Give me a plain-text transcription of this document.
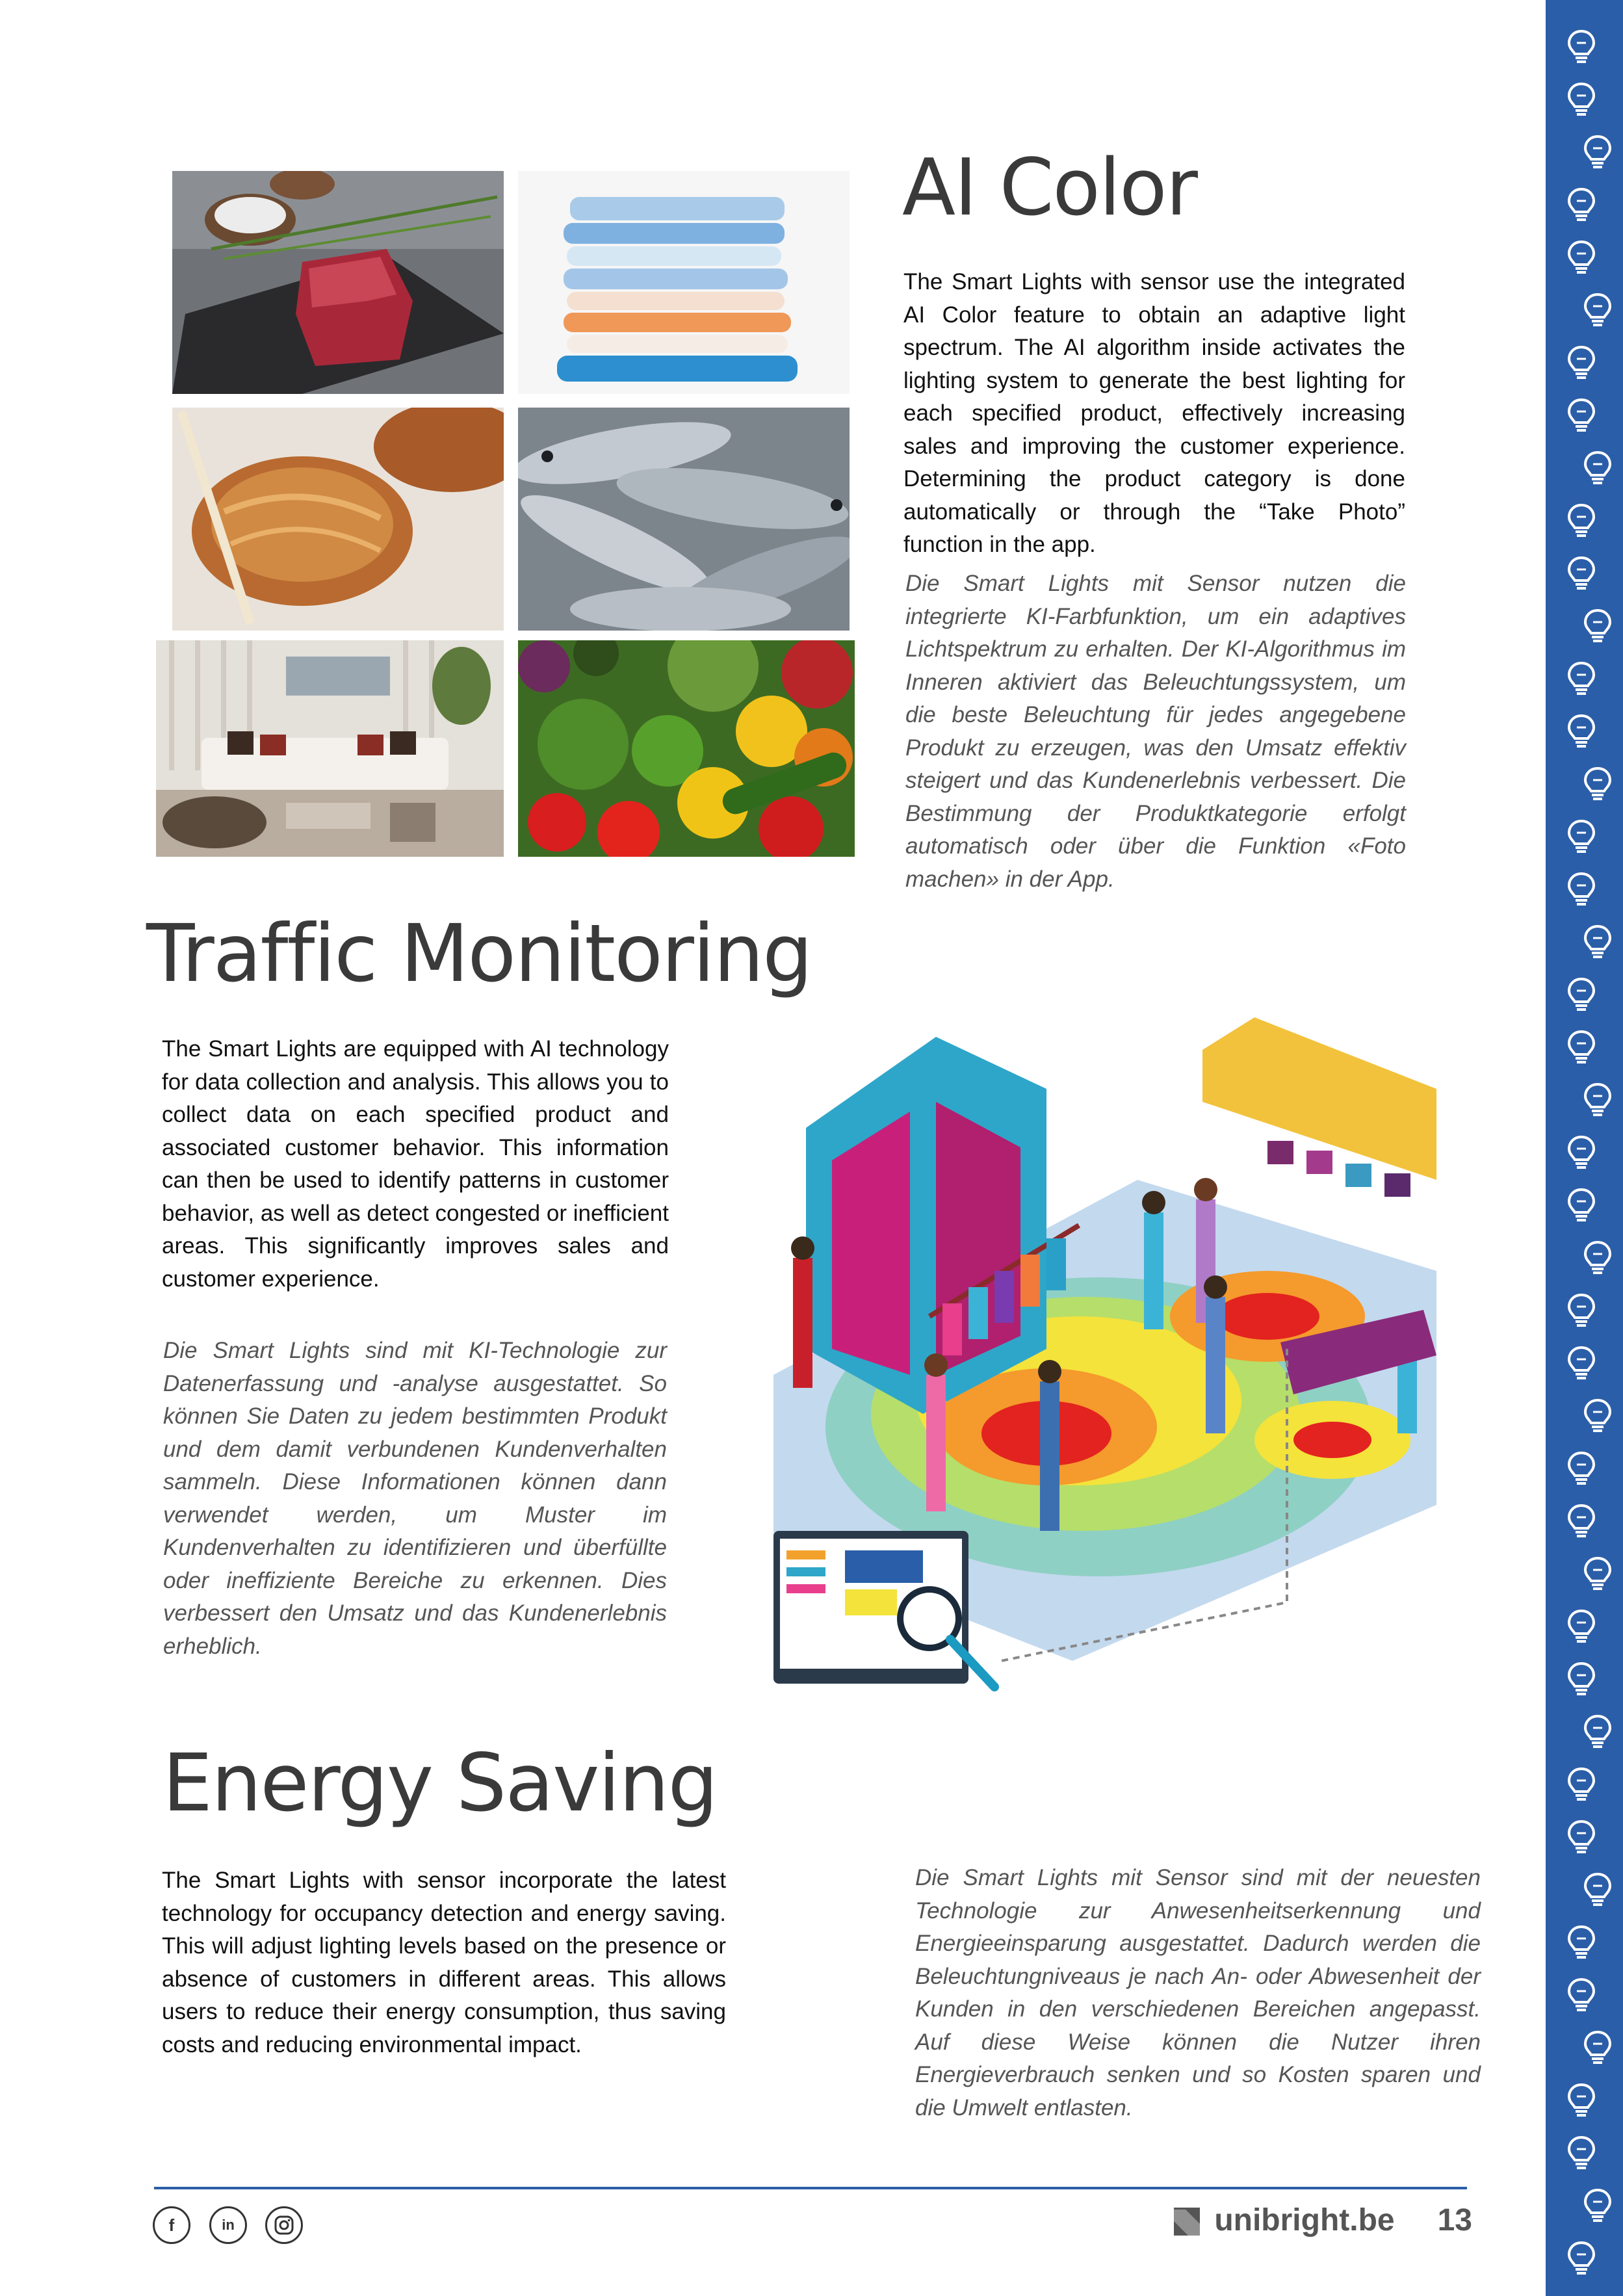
AI Color

The Smart Lights with sensor use the integrated AI Color feature to obtain an adaptive light spectrum. The AI algorithm inside activates the lighting system to generate the best lighting for each specified product, effectively increasing sales and improving the customer experience. Determining the product category is done automatically or through the “Take Photo” function in the app.

Die Smart Lights mit Sensor nutzen die integrierte KI-Farbfunktion, um ein adaptives Lichtspektrum zu erhalten. Der KI-Algorithmus im Inneren aktiviert das Beleuchtungssystem, um die beste Beleuchtung für jedes angegebene Produkt zu erzeugen, was den Umsatz effektiv steigert und das Kundenerlebnis verbessert. Die Bestimmung der Produktkategorie erfolgt automatisch oder über die Funktion «Foto machen» in der App.

Traffic Monitoring

The Smart Lights are equipped with AI technology for data collection and analysis. This allows you to collect data on each specified product and associated customer behavior. This information can then be used to identify patterns in customer behavior, as well as detect congested or inefficient areas. This significantly improves sales and customer experience.

Die Smart Lights sind mit KI-Technologie zur Datenerfassung und -analyse ausgestattet. So können Sie Daten zu jedem bestimmten Produkt und dem damit verbundenen Kundenverhalten sammeln. Diese Informationen können dann verwendet werden, um Muster im Kundenverhalten zu identifizieren und überfüllte oder ineffiziente Bereiche zu erkennen. Dies verbessert den Umsatz und das Kundenerlebnis erheblich.

Energy Saving

The Smart Lights with sensor incorporate the latest technology for occupancy detection and energy saving. This will adjust lighting levels based on the presence or absence of customers in different areas. This allows users to reduce their energy consumption, thus saving costs and reducing environmental impact.

Die Smart Lights mit Sensor sind mit der neuesten Technologie zur Anwesenheitserkennung und Energieeinsparung ausgestattet. Dadurch werden die Beleuchtungniveaus je nach An- oder Abwesenheit der Kunden in den verschiedenen Bereichen angepasst. Auf diese Weise können die Nutzer ihren Energieverbrauch senken und so Kosten sparen und die Umwelt entlasten.

f	in	unibright.be 13
